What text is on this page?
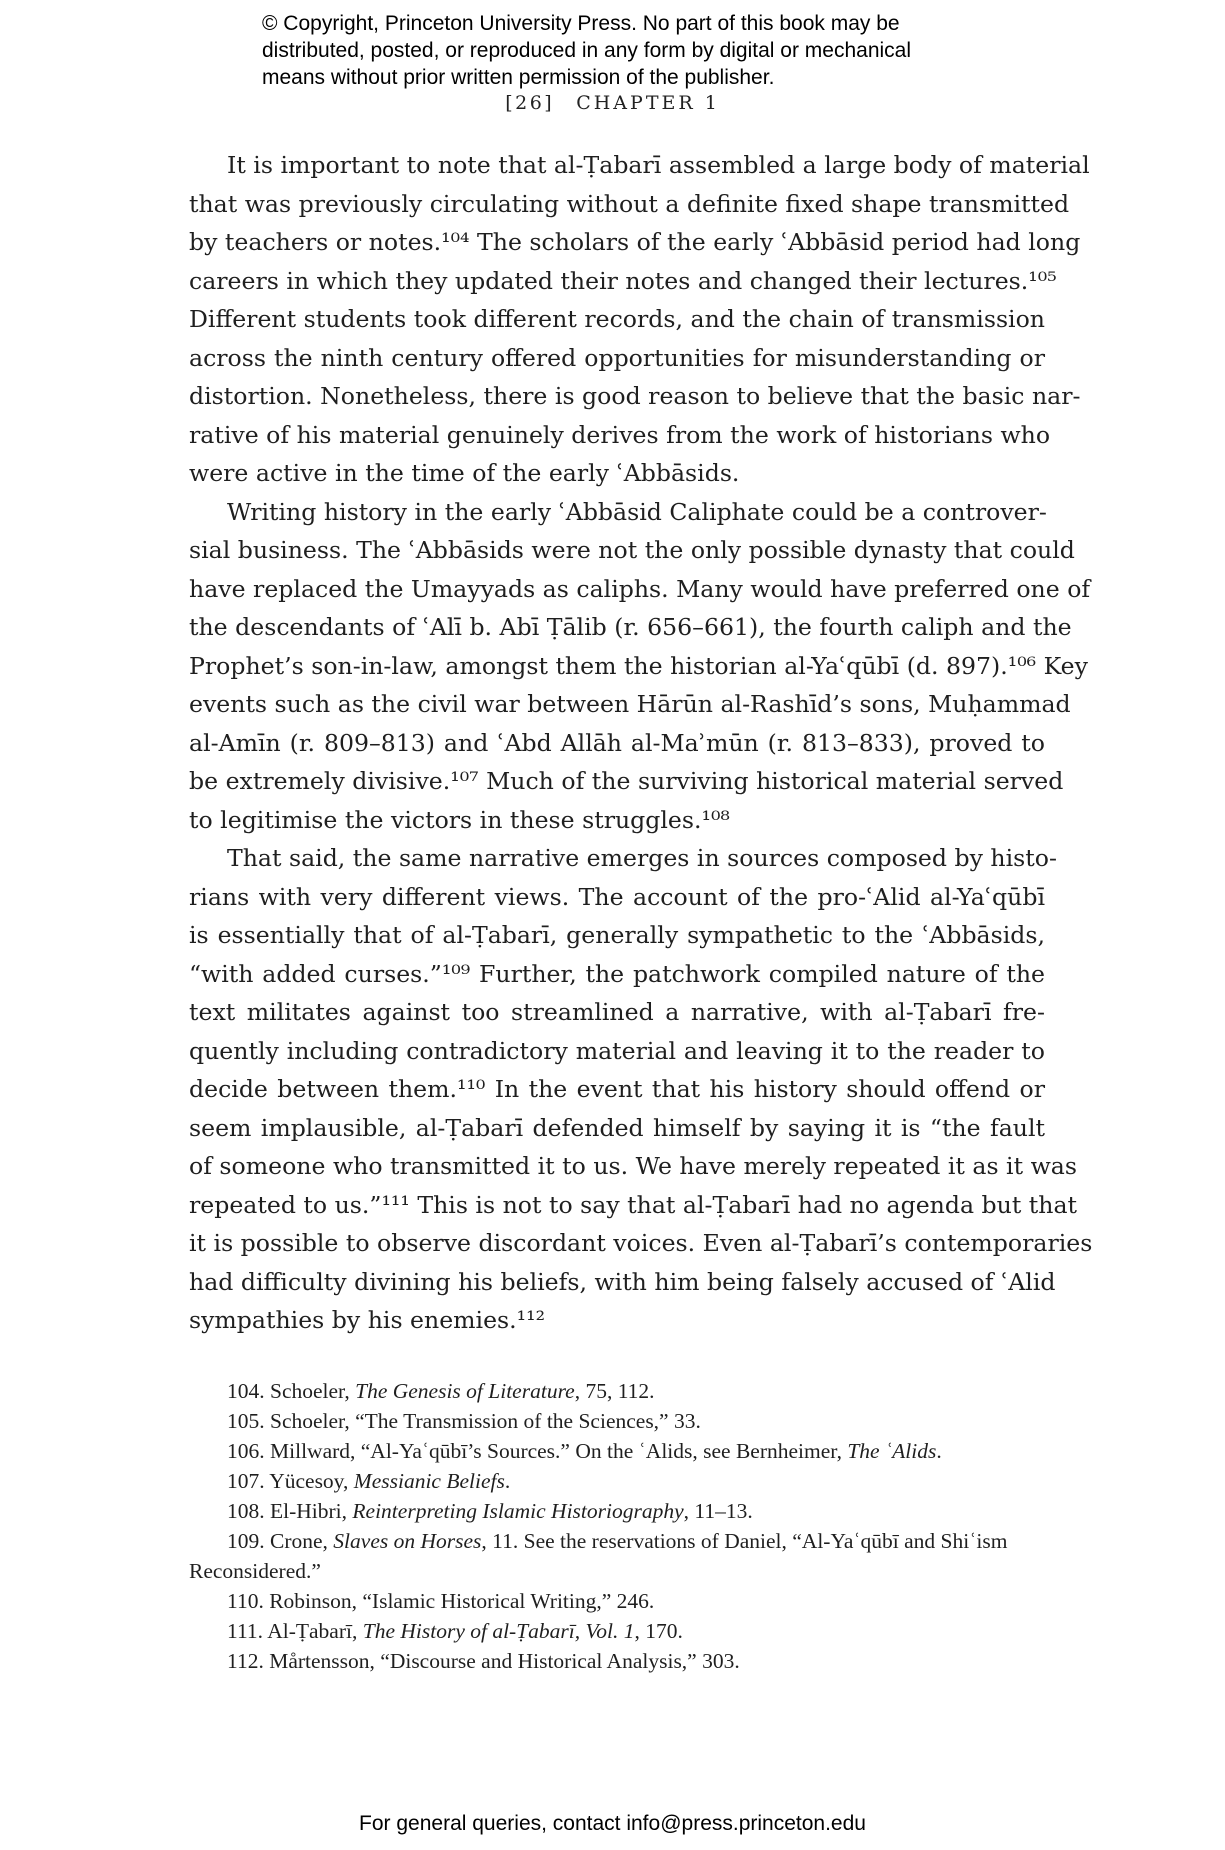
© Copyright, Princeton University Press. No part of this book may be
distributed, posted, or reproduced in any form by digital or mechanical
means without prior written permission of the publisher.
[26] CHAPTER 1
It is important to note that al-Ṭabarī assembled a large body of material
that was previously circulating without a definite fixed shape transmitted
by teachers or notes.¹⁰⁴ The scholars of the early ʿAbbāsid period had long
careers in which they updated their notes and changed their lectures.¹⁰⁵
Different students took different records, and the chain of transmission
across the ninth century offered opportunities for misunderstanding or
distortion. Nonetheless, there is good reason to believe that the basic nar-
rative of his material genuinely derives from the work of historians who
were active in the time of the early ʿAbbāsids.
Writing history in the early ʿAbbāsid Caliphate could be a controver-
sial business. The ʿAbbāsids were not the only possible dynasty that could
have replaced the Umayyads as caliphs. Many would have preferred one of
the descendants of ʿAlī b. Abī Ṭālib (r. 656–661), the fourth caliph and the
Prophet’s son-in-law, amongst them the historian al-Yaʿqūbī (d. 897).¹⁰⁶ Key
events such as the civil war between Hārūn al-Rashīd’s sons, Muḥammad
al-Amīn (r. 809–813) and ʿAbd Allāh al-Maʾmūn (r. 813–833), proved to
be extremely divisive.¹⁰⁷ Much of the surviving historical material served
to legitimise the victors in these struggles.¹⁰⁸
That said, the same narrative emerges in sources composed by histo-
rians with very different views. The account of the pro-ʿAlid al-Yaʿqūbī
is essentially that of al-Ṭabarī, generally sympathetic to the ʿAbbāsids,
“with added curses.”¹⁰⁹ Further, the patchwork compiled nature of the
text militates against too streamlined a narrative, with al-Ṭabarī fre-
quently including contradictory material and leaving it to the reader to
decide between them.¹¹⁰ In the event that his history should offend or
seem implausible, al-Ṭabarī defended himself by saying it is “the fault
of someone who transmitted it to us. We have merely repeated it as it was
repeated to us.”¹¹¹ This is not to say that al-Ṭabarī had no agenda but that
it is possible to observe discordant voices. Even al-Ṭabarī’s contemporaries
had difficulty divining his beliefs, with him being falsely accused of ʿAlid
sympathies by his enemies.¹¹²
104. Schoeler, The Genesis of Literature, 75, 112.
105. Schoeler, “The Transmission of the Sciences,” 33.
106. Millward, “Al-Yaʿqūbī’s Sources.” On the ʿAlids, see Bernheimer, The ʿAlids.
107. Yücesoy, Messianic Beliefs.
108. El-Hibri, Reinterpreting Islamic Historiography, 11–13.
109. Crone, Slaves on Horses, 11. See the reservations of Daniel, “Al-Yaʿqūbī and Shiʿism
Reconsidered.”
110. Robinson, “Islamic Historical Writing,” 246.
111. Al-Ṭabarī, The History of al-Ṭabarī, Vol. 1, 170.
112. Mårtensson, “Discourse and Historical Analysis,” 303.
For general queries, contact info@press.princeton.edu
